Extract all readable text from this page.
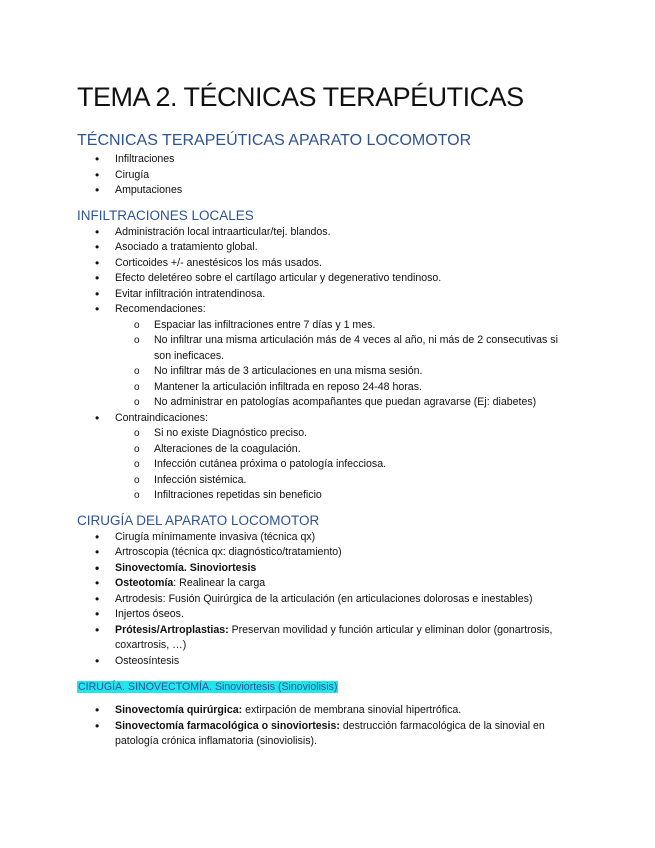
TEMA 2. TÉCNICAS TERAPÉUTICAS
TÉCNICAS TERAPEÚTICAS APARATO LOCOMOTOR
• Infiltraciones
• Cirugía
• Amputaciones
INFILTRACIONES LOCALES
• Administración local intraarticular/tej. blandos.
• Asociado a tratamiento global.
• Corticoides +/- anestésicos los más usados.
• Efecto deletéreo sobre el cartílago articular y degenerativo tendinoso.
• Evitar infiltración intratendinosa.
• Recomendaciones:
o Espaciar las infiltraciones entre 7 días y 1 mes.
o No infiltrar una misma articulación más de 4 veces al año, ni más de 2 consecutivas si son ineficaces.
o No infiltrar más de 3 articulaciones en una misma sesión.
o Mantener la articulación infiltrada en reposo 24-48 horas.
o No administrar en patologías acompañantes que puedan agravarse (Ej: diabetes)
• Contraindicaciones:
o Si no existe Diagnóstico preciso.
o Alteraciones de la coagulación.
o Infección cutánea próxima o patología infecciosa.
o Infección sistémica.
o Infiltraciones repetidas sin beneficio
CIRUGÍA DEL APARATO LOCOMOTOR
• Cirugía mínimamente invasiva (técnica qx)
• Artroscopia (técnica qx: diagnóstico/tratamiento)
• Sinovectomía. Sinoviortesis
• Osteotomía: Realinear la carga
• Artrodesis: Fusión Quirúrgica de la articulación (en articulaciones dolorosas e inestables)
• Injertos óseos.
• Prótesis/Artroplastias: Preservan movilidad y función articular y eliminan dolor (gonartrosis, coxartrosis, …)
• Osteosíntesis
CIRUGÍA. SINOVECTOMÍA. Sinoviortesis (Sinoviolisis)
• Sinovectomía quirúrgica: extirpación de membrana sinovial hipertrófica.
• Sinovectomía farmacológica o sinoviortesis: destrucción farmacológica de la sinovial en patología crónica inflamatoria (sinoviolisis).
